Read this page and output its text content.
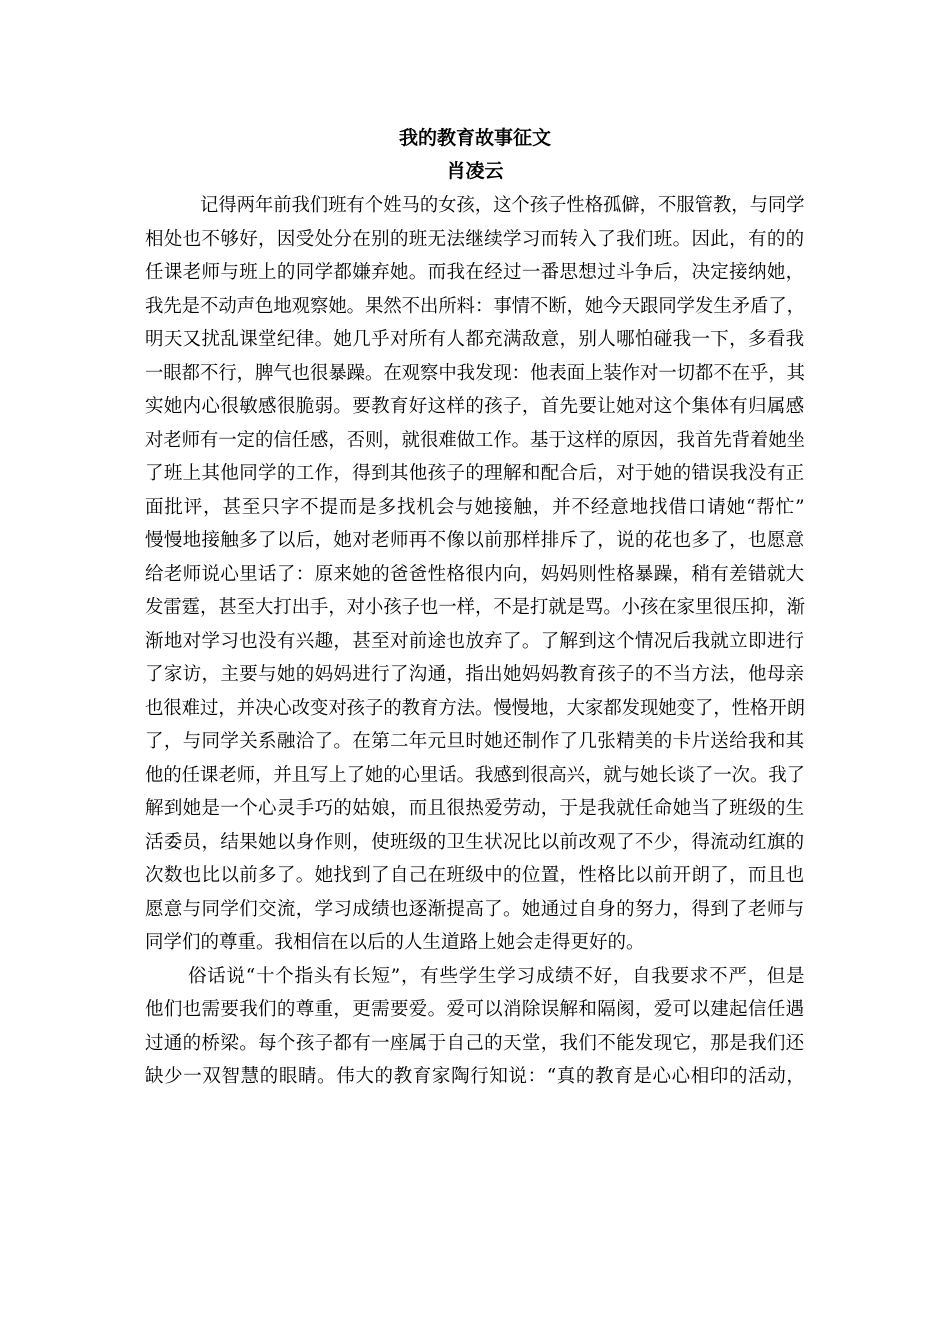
我的教育故事征文
肖凌云
记得两年前我们班有个姓马的女孩，这个孩子性格孤僻，不服管教，与同学
相处也不够好，因受处分在别的班无法继续学习而转入了我们班。因此，有的的
任课老师与班上的同学都嫌弃她。而我在经过一番思想过斗争后，决定接纳她，
我先是不动声色地观察她。果然不出所料：事情不断，她今天跟同学发生矛盾了，
明天又扰乱课堂纪律。她几乎对所有人都充满敌意，别人哪怕碰我一下，多看我
一眼都不行，脾气也很暴躁。在观察中我发现：他表面上装作对一切都不在乎，其
实她内心很敏感很脆弱。要教育好这样的孩子，首先要让她对这个集体有归属感
对老师有一定的信任感，否则，就很难做工作。基于这样的原因，我首先背着她坐
了班上其他同学的工作，得到其他孩子的理解和配合后，对于她的错误我没有正
面批评，甚至只字不提而是多找机会与她接触，并不经意地找借口请她“帮忙”
慢慢地接触多了以后，她对老师再不像以前那样排斥了，说的花也多了，也愿意
给老师说心里话了：原来她的爸爸性格很内向，妈妈则性格暴躁，稍有差错就大
发雷霆，甚至大打出手，对小孩子也一样，不是打就是骂。小孩在家里很压抑，渐
渐地对学习也没有兴趣，甚至对前途也放弃了。了解到这个情况后我就立即进行
了家访，主要与她的妈妈进行了沟通，指出她妈妈教育孩子的不当方法，他母亲
也很难过，并决心改变对孩子的教育方法。慢慢地，大家都发现她变了，性格开朗
了，与同学关系融洽了。在第二年元旦时她还制作了几张精美的卡片送给我和其
他的任课老师，并且写上了她的心里话。我感到很高兴，就与她长谈了一次。我了
解到她是一个心灵手巧的姑娘，而且很热爱劳动，于是我就任命她当了班级的生
活委员，结果她以身作则，使班级的卫生状况比以前改观了不少，得流动红旗的
次数也比以前多了。她找到了自己在班级中的位置，性格比以前开朗了，而且也
愿意与同学们交流，学习成绩也逐渐提高了。她通过自身的努力，得到了老师与
同学们的尊重。我相信在以后的人生道路上她会走得更好的。
俗话说“十个指头有长短”，有些学生学习成绩不好，自我要求不严，但是
他们也需要我们的尊重，更需要爱。爱可以消除误解和隔阂，爱可以建起信任遇
过通的桥梁。每个孩子都有一座属于自己的天堂，我们不能发现它，那是我们还
缺少一双智慧的眼睛。伟大的教育家陶行知说：“真的教育是心心相印的活动，
